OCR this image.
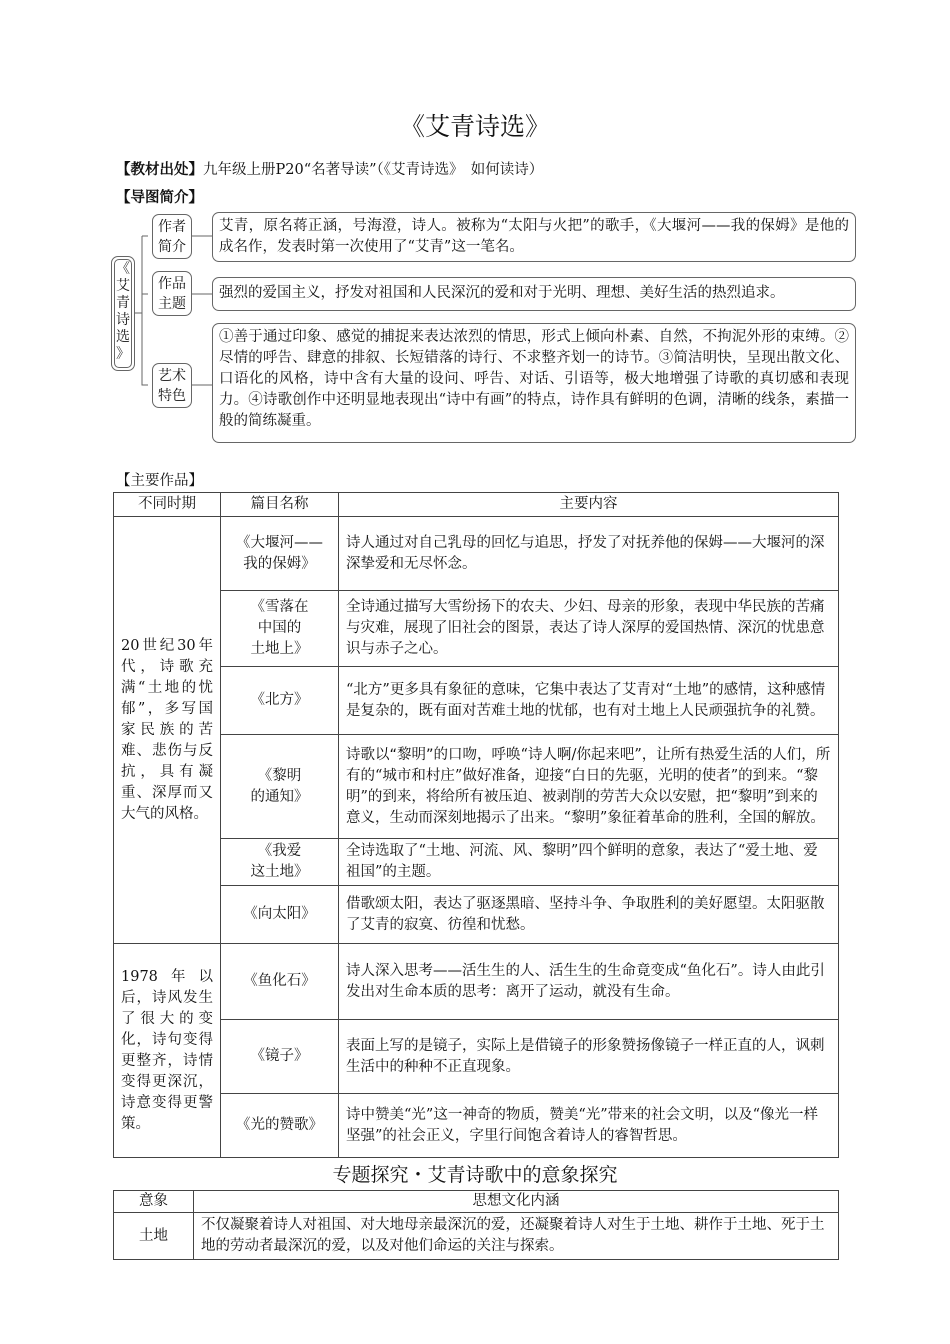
《艾青诗选》
【教材出处】九年级上册P20“名著导读”（《艾青诗选》　如何读诗）
【导图简介】
《
艾
青
诗
选
》
作者
简介
艾青，原名蒋正涵，号海澄，诗人。被称为“太阳与火把”的歌手，《大堰河——我的保姆》是他的成名作，发表时第一次使用了“艾青”这一笔名。
作品
主题
强烈的爱国主义，抒发对祖国和人民深沉的爱和对于光明、理想、美好生活的热烈追求。
艺术
特色
①善于通过印象、感觉的捕捉来表达浓烈的情思，形式上倾向朴素、自然，不拘泥外形的束缚。②尽情的呼告、肆意的排叙、长短错落的诗行、不求整齐划一的诗节。③简洁明快，呈现出散文化、口语化的风格，诗中含有大量的设问、呼告、对话、引语等，极大地增强了诗歌的真切感和表现力。④诗歌创作中还明显地表现出“诗中有画”的特点，诗作具有鲜明的色调，清晰的线条，素描一般的简练凝重。
【主要作品】
不同时期	篇目名称	主要内容
20世纪30年代，诗歌充满“土地的忧郁”，多写国家民族的苦难、悲伤与反抗，具有凝重、深厚而又大气的风格。	《大堰河——
我的保姆》	诗人通过对自己乳母的回忆与追思，抒发了对抚养他的保姆——大堰河的深深挚爱和无尽怀念。

	《雪落在
中国的
土地上》	全诗通过描写大雪纷扬下的农夫、少妇、母亲的形象，表现中华民族的苦痛与灾难，展现了旧社会的图景，表达了诗人深厚的爱国热情、深沉的忧患意识与赤子之心。

	《北方》	“北方”更多具有象征的意味，它集中表达了艾青对“土地”的感情，这种感情是复杂的，既有面对苦难土地的忧郁，也有对土地上人民顽强抗争的礼赞。

	《黎明
的通知》	诗歌以“黎明”的口吻，呼唤“诗人啊/你起来吧”，让所有热爱生活的人们，所有的“城市和村庄”做好准备，迎接“白日的先驱，光明的使者”的到来。“黎明”的到来，将给所有被压迫、被剥削的劳苦大众以安慰，把“黎明”到来的意义，生动而深刻地揭示了出来。“黎明”象征着革命的胜利，全国的解放。

	《我爱
这土地》	全诗选取了“土地、河流、风、黎明”四个鲜明的意象，表达了“爱土地、爱祖国”的主题。

	《向太阳》	借歌颂太阳，表达了驱逐黑暗、坚持斗争、争取胜利的美好愿望。太阳驱散了艾青的寂寞、彷徨和忧愁。
1978年以后，诗风发生了很大的变化，诗句变得更整齐，诗情变得更深沉，诗意变得更警策。	《鱼化石》	诗人深入思考——活生生的人、活生生的生命竟变成“鱼化石”。诗人由此引发出对生命本质的思考：离开了运动，就没有生命。

	《镜子》	表面上写的是镜子，实际上是借镜子的形象赞扬像镜子一样正直的人，讽刺生活中的种种不正直现象。

	《光的赞歌》	诗中赞美“光”这一神奇的物质，赞美“光”带来的社会文明，以及“像光一样坚强”的社会正义，字里行间饱含着诗人的睿智哲思。
专题探究・艾青诗歌中的意象探究
意象	思想文化内涵
土地	不仅凝聚着诗人对祖国、对大地母亲最深沉的爱，还凝聚着诗人对生于土地、耕作于土地、死于土地的劳动者最深沉的爱，以及对他们命运的关注与探索。
